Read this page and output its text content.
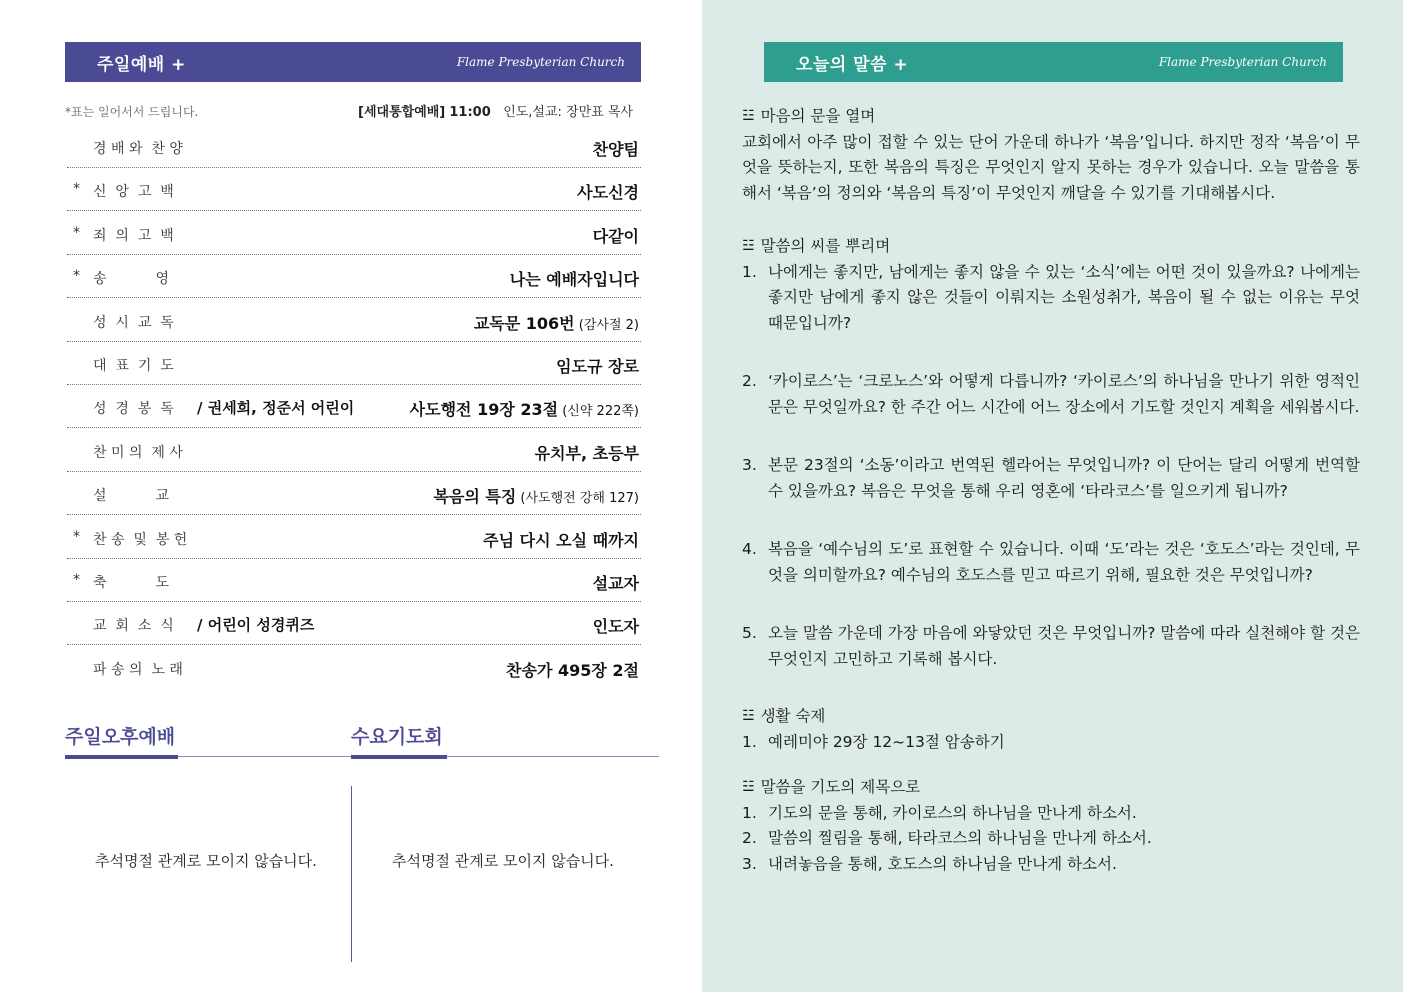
주일예배 +	Flame Presbyterian Church
*표는 일어서서 드립니다.	[세대통합예배] 11:00 인도,설교: 장만표 목사
경 배 와  찬 양	찬양팀
* 신  앙  고  백	사도신경
* 죄  의  고  백	다같이
* 송           영	나는 예배자입니다
성  시  교  독	교독문 106번 (감사절 2)
대  표  기  도	임도규 장로
성  경  봉  독 / 권세희, 정준서 어린이	사도행전 19장 23절 (신약 222쪽)
찬 미 의  제 사	유치부, 초등부
설           교	복음의 특징 (사도행전 강해 127)
* 찬 송  및  봉 헌	주님 다시 오실 때까지
* 축           도	설교자
교  회  소  식 / 어린이 성경퀴즈	인도자
파 송 의  노 래	찬송가 495장 2절
주일오후예배	수요기도회
추석명절 관계로 모이지 않습니다.	추석명절 관계로 모이지 않습니다.
오늘의 말씀 +	Flame Presbyterian Church
☳ 마음의 문을 열며
교회에서 아주 많이 접할 수 있는 단어 가운데 하나가 ‘복음’입니다. 하지만 정작 ‘복음’이 무엇을 뜻하는지, 또한 복음의 특징은 무엇인지 알지 못하는 경우가 있습니다. 오늘 말씀을 통해서 ‘복음’의 정의와 ‘복음의 특징’이 무엇인지 깨달을 수 있기를 기대해봅시다.
☳ 말씀의 씨를 뿌리며
1. 나에게는 좋지만, 남에게는 좋지 않을 수 있는 ‘소식’에는 어떤 것이 있을까요? 나에게는 좋지만 남에게 좋지 않은 것들이 이뤄지는 소원성취가, 복음이 될 수 없는 이유는 무엇 때문입니까?
2. ‘카이로스’는 ‘크로노스’와 어떻게 다릅니까? ‘카이로스’의 하나님을 만나기 위한 영적인 문은 무엇일까요? 한 주간 어느 시간에 어느 장소에서 기도할 것인지 계획을 세워봅시다.
3. 본문 23절의 ‘소동’이라고 번역된 헬라어는 무엇입니까? 이 단어는 달리 어떻게 번역할 수 있을까요? 복음은 무엇을 통해 우리 영혼에 ‘타라코스’를 일으키게 됩니까?
4. 복음을 ‘예수님의 도’로 표현할 수 있습니다. 이때 ‘도’라는 것은 ‘호도스’라는 것인데, 무엇을 의미할까요? 예수님의 호도스를 믿고 따르기 위해, 필요한 것은 무엇입니까?
5. 오늘 말씀 가운데 가장 마음에 와닿았던 것은 무엇입니까? 말씀에 따라 실천해야 할 것은 무엇인지 고민하고 기록해 봅시다.
☳ 생활 숙제
1. 예레미야 29장 12~13절 암송하기
☳ 말씀을 기도의 제목으로
1. 기도의 문을 통해, 카이로스의 하나님을 만나게 하소서.
2. 말씀의 찔림을 통해, 타라코스의 하나님을 만나게 하소서.
3. 내려놓음을 통해, 호도스의 하나님을 만나게 하소서.
